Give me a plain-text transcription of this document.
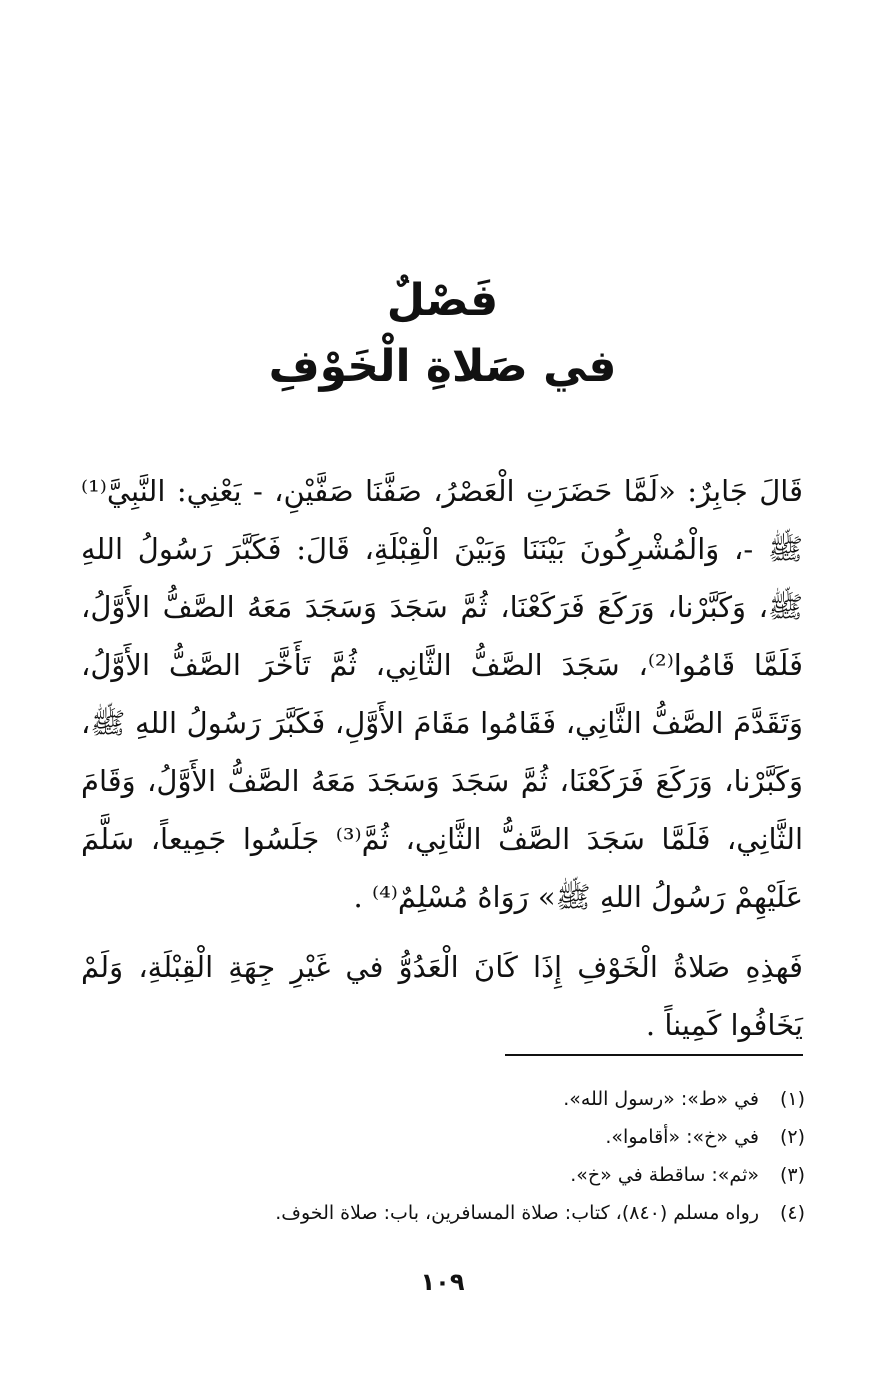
فَصْلٌ

في صَلاةِ الْخَوْفِ

قَالَ جَابِرٌ: «لَمَّا حَضَرَتِ الْعَصْرُ، صَفَّنَا صَفَّيْنِ، - يَعْنِي: النَّبِيَّ⁽¹⁾ ﷺ -، وَالْمُشْرِكُونَ بَيْنَنَا وَبَيْنَ الْقِبْلَةِ، قَالَ: فَكَبَّرَ رَسُولُ اللهِ ﷺ، وَكَبَّرْنا، وَرَكَعَ فَرَكَعْنَا، ثُمَّ سَجَدَ وَسَجَدَ مَعَهُ الصَّفُّ الأَوَّلُ، فَلَمَّا قَامُوا⁽²⁾، سَجَدَ الصَّفُّ الثَّانِي، ثُمَّ تَأَخَّرَ الصَّفُّ الأَوَّلُ، وَتَقَدَّمَ الصَّفُّ الثَّانِي، فَقَامُوا مَقَامَ الأَوَّلِ، فَكَبَّرَ رَسُولُ اللهِ ﷺ، وَكَبَّرْنا، وَرَكَعَ فَرَكَعْنَا، ثُمَّ سَجَدَ وَسَجَدَ مَعَهُ الصَّفُّ الأَوَّلُ، وَقَامَ الثَّانِي، فَلَمَّا سَجَدَ الصَّفُّ الثَّانِي، ثُمَّ⁽³⁾ جَلَسُوا جَمِيعاً، سَلَّمَ عَلَيْهِمْ رَسُولُ اللهِ ﷺ» رَوَاهُ مُسْلِمٌ⁽⁴⁾ .

فَهذِهِ صَلاةُ الْخَوْفِ إِذَا كَانَ الْعَدُوُّ في غَيْرِ جِهَةِ الْقِبْلَةِ، وَلَمْ يَخَافُوا كَمِيناً .

(١)
في «ط»: «رسول الله».
(٢)
في «خ»: «أقاموا».
(٣)
«ثم»: ساقطة في «خ».
(٤)
رواه مسلم (٨٤٠)، كتاب: صلاة المسافرين، باب: صلاة الخوف.
١٠٩
